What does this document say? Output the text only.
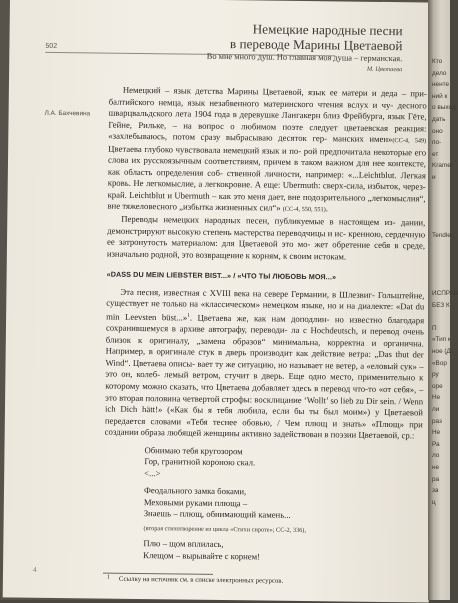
502
Немецкие народные песни
в переводе Марины Цветаевой
Во мне много душ. Но главная моя душа – германская.
М. Цветаева
Л.А. Бахчевина
4

Немецкий – язык детства Марины Цветаевой, язык ее матери и деда – при- балтийского немца, язык незабвенного материнского чтения вслух и чу- десного шварцвальдского лета 1904 года в деревушке Лангакерн близ Фрейбурга, язык Гёте, Гейне, Рильке, – на вопрос о любимом поэте следует цветаевская реакция: «захлебываюсь, потом сразу выбрасываю десяток гер- манских имен»(СС-4, 549) Цветаева глубоко чувствовала немецкий язык и по- рой предпочитала некоторые его слова их русскоязычным соответствиям, причем в таком важном для нее контексте, как область определения соб- ственной личности, например: «...Leichtblut. Легкая кровь. Не легкомыслие, а легкокровие. А еще: Ubermuth: сверх-сила, избыток, через-край. Leichtblut и Ubermuth – как это меня дает, вне подозрительного „легкомыслия“, вне тяжеловесного „избытка жизненных сил“» (СС-4, 550, 551).

Переводы немецких народных песен, публикуемые в настоящем из- дании, демонстрируют высокую степень мастерства переводчицы и ис- кренною, сердечную ее затронутость материалом: для Цветаевой это мо- жет обретение себя в среде, изначально родной, это возвращение к корням, к своим истокам.

«DASS DU MEIN LIEBSTER BIST...» / «ЧТО ТЫ ЛЮБОВЬ МОЯ...»

Эта песня, известная с XVIII века на севере Германии, в Шлезвиг- Гольштейне, существует не только на «классическом» немецком языке, но и на диалекте: «Dat du min Leevsten büst...»$^1$. Цветаева же, как нам доподлин- но известно благодаря сохранившемуся в архиве автографу, переводи- ла с Hochdeutsch, и перевод очень близок к оригиналу, „заменa образов“ минимальна, корректна и органична. Например, в оригинале стук в дверь производит как действие ветра: „Das thut der Wind“. Цветаева описы- вает ту же ситуацию, но называет не ветер, а «еловый сук» – это он, колеб- лемый ветром, стучит в дверь. Еще одно место, применительно к которому можно сказать, что Цветаева добавляет здесь в перевод что-то «от себя», – это вторая половина четвертой строфы: восклицание ‘Wollt’ so lieb zu Dir sein. / Wenn ich Dich hätt!» («Как бы я тебя любила, если бы ты был моим») у Цветаевой передается словами «Тебя теснее обовью, / Чем плющ и знать» «Плющ» при создании образа любящей женщины активно задействован в поэзии Цветаевой, ср.:

Обнимаю тебя кругозором
Гор, гранитной короною скал.
<...>
Феодального замка боками,
Меховыми руками плюща –
Знаешь – плющ, обнимающий камень...
(вторая стихотворение из цикла «Стихи сироте»; СС-2, 336),
Плю – щом вплилась,
Клещом – вырывайте с корнем!
1 Ссылку на источник см. в списке электронных ресурсов.
Кто
дело
ненте
ний к
о выход
дать
оно
по-
ет
Kramer
и
Tendler,
ИСПРАВ
БЕЗ К
П
«Тип к
ное (Д
«Вор
ру
оре
Не
ли
раз
Не
Ра
ло
не
ра
за
ц
